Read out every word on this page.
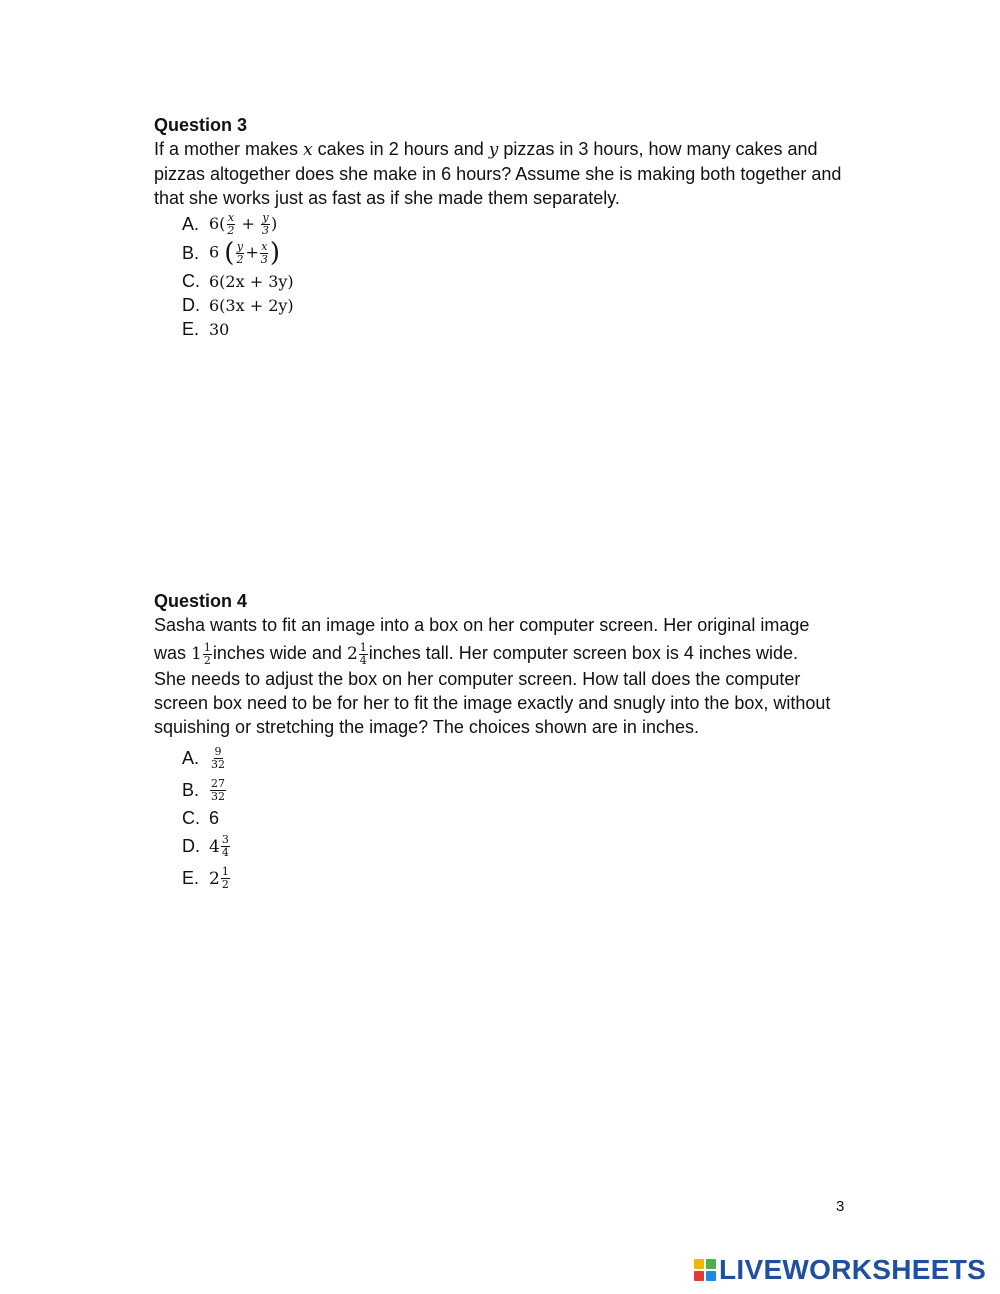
Question 3
If a mother makes x cakes in 2 hours and y pizzas in 3 hours, how many cakes and pizzas altogether does she make in 6 hours? Assume she is making both together and that she works just as fast as if she made them separately.
A. $6( \frac{x}{2} + \frac{y}{3}$ )
B. 6 ( $\frac{y}{2} + \frac{x}{3}$ )
C. 6(2x + 3y)
D. 6(3x + 2y)
E. 30
Question 4
Sasha wants to fit an image into a box on her computer screen. Her original image
was $1 \frac{1}{2}$ inches wide and $2 \frac{1}{4}$ inches tall. Her computer screen box is 4 inches wide.
She needs to adjust the box on her computer screen. How tall does the computer screen box need to be for her to fit the image exactly and snugly into the box, without squishing or stretching the image? The choices shown are in inches.
A. $\frac{9}{32}$
B. $\frac{27}{32}$
C. 6
D. $4 \frac{3}{4}$
E. $2 \frac{1}{2}$
3
LIVEWORKSHEETS
